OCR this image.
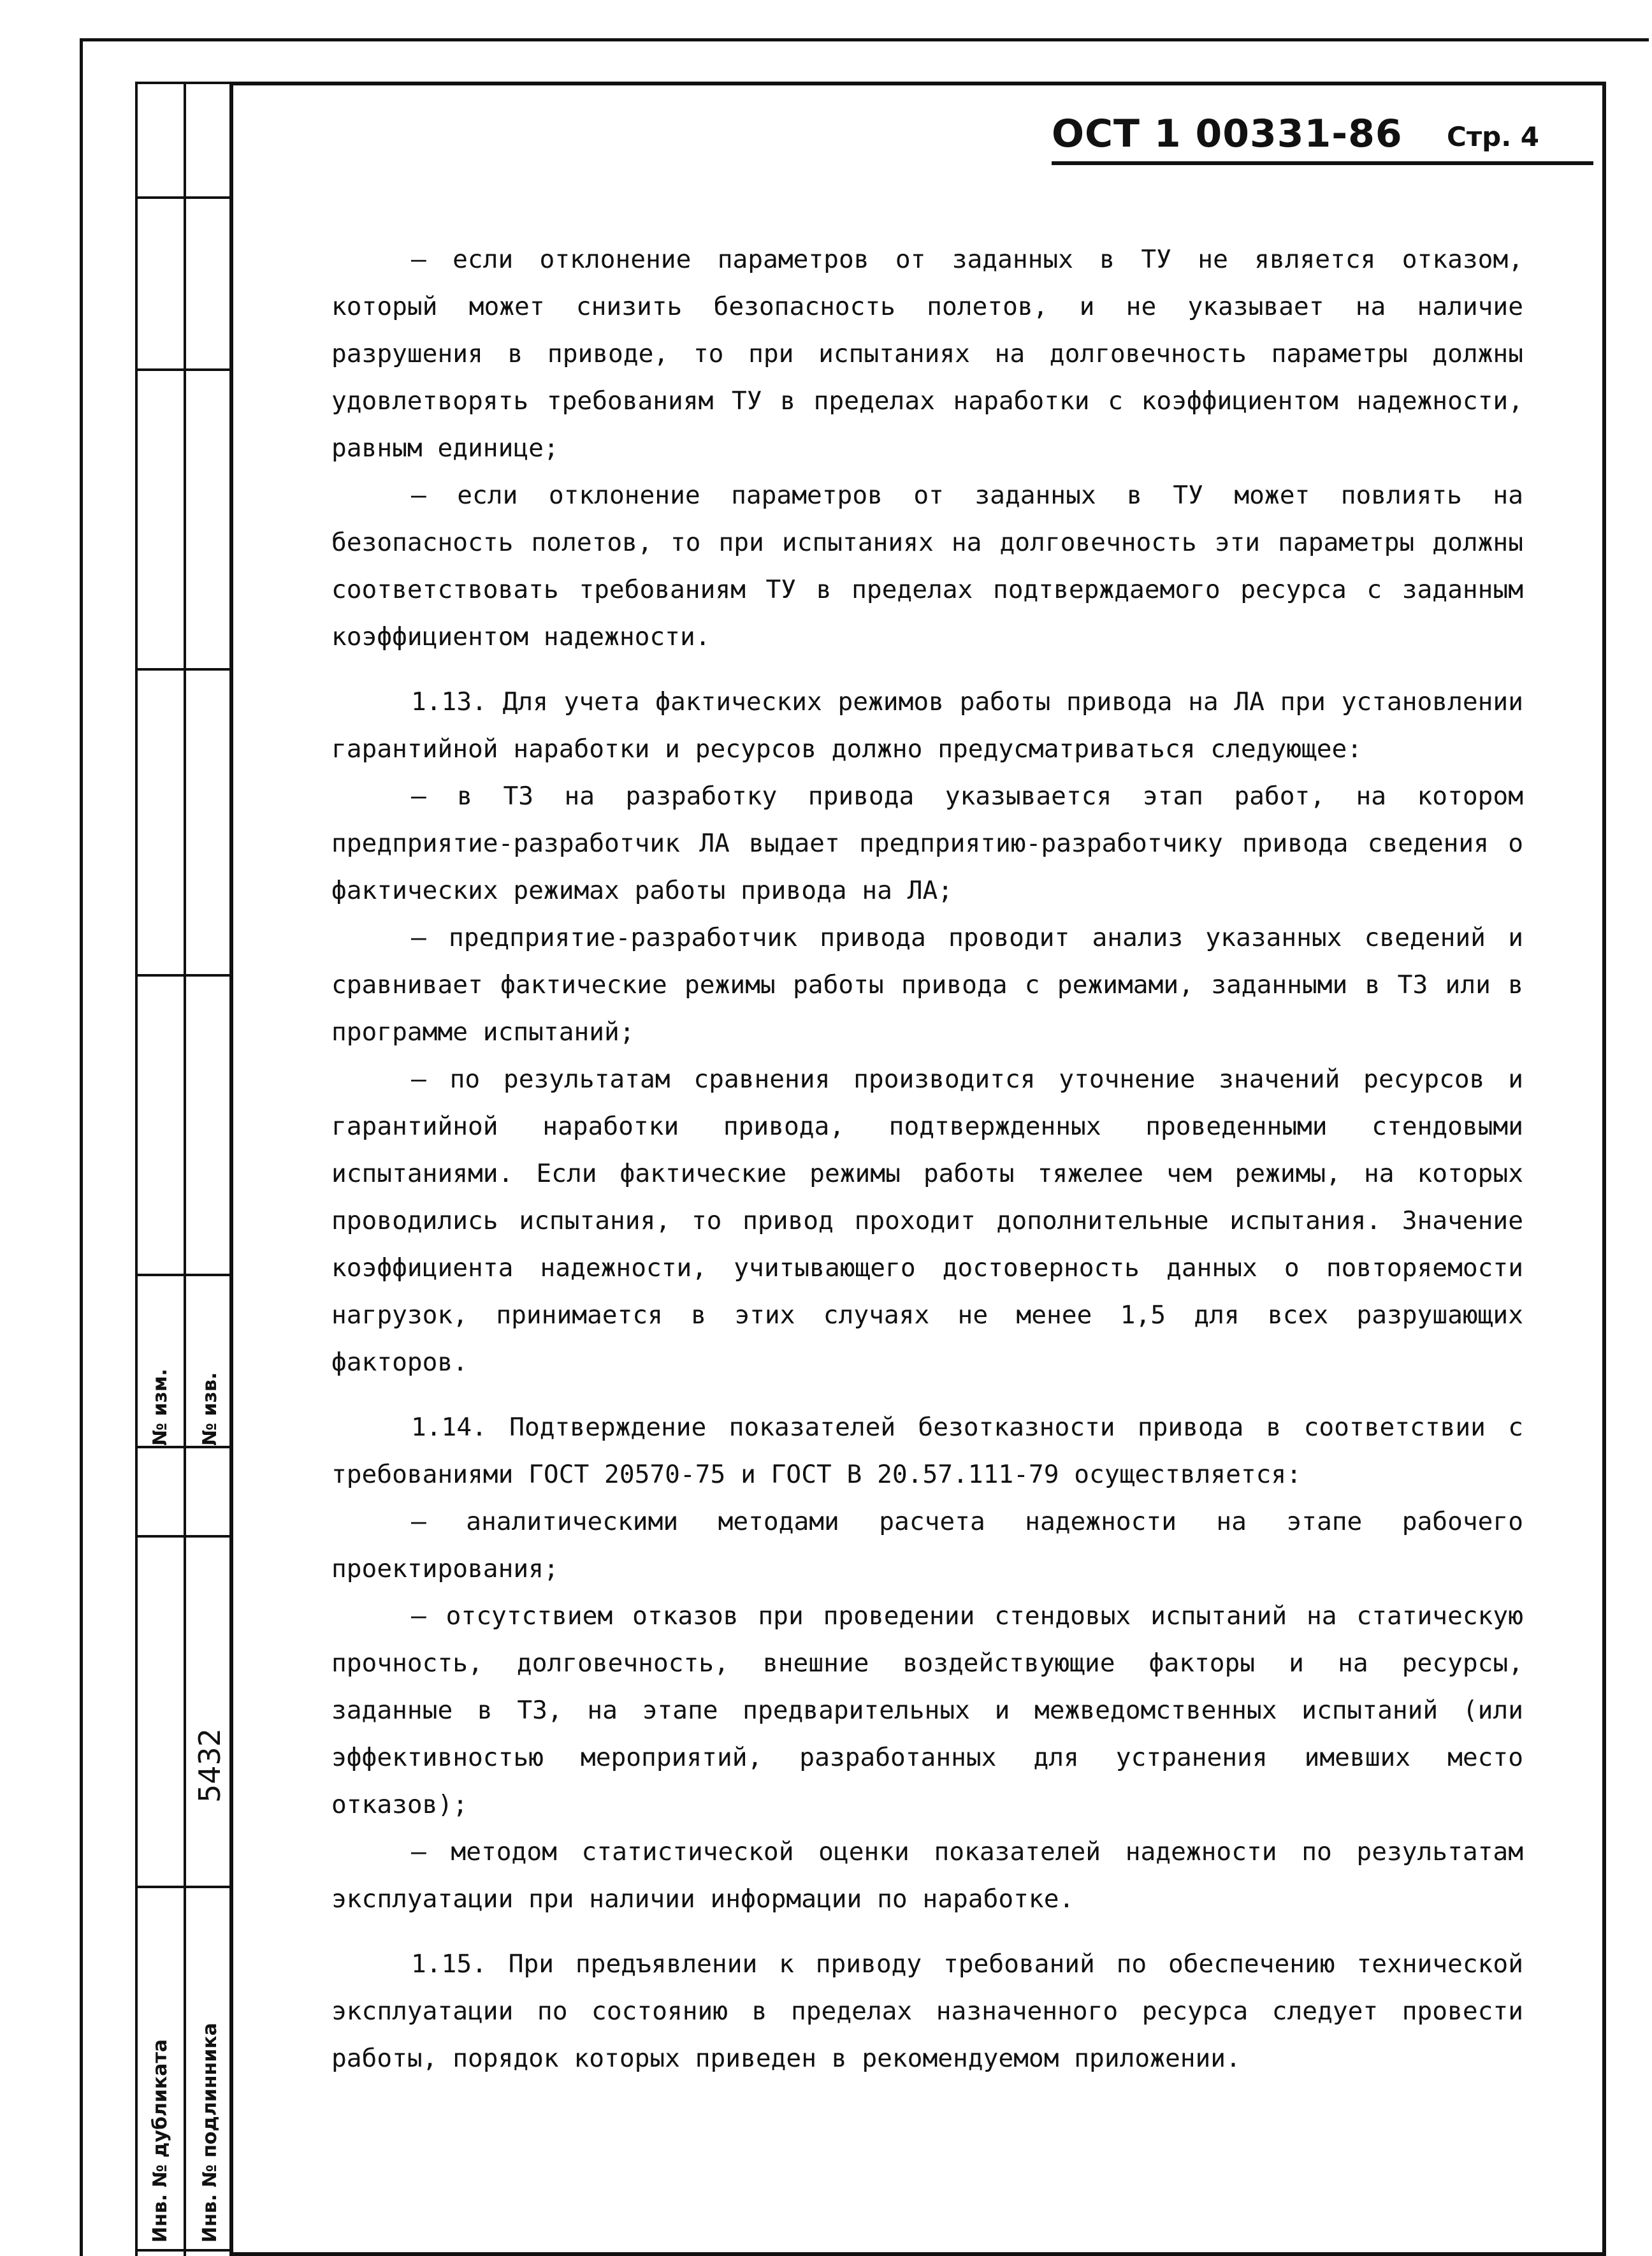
№ изм. № изв.
5432
Инв. № дубликата Инв. № подлинника
ОСТ 1 00331-86 Стр. 4

– если отклонение параметров от заданных в ТУ не является отказом, который может снизить безопасность полетов, и не указывает на наличие разрушения в приводе, то при испытаниях на долговечность параметры должны удовлетворять требованиям ТУ в пределах наработки с коэффициентом надежности, равным единице;

– если отклонение параметров от заданных в ТУ может повлиять на безопасность полетов, то при испытаниях на долговечность эти параметры должны соответствовать требованиям ТУ в пределах подтверждаемого ресурса с заданным коэффициентом надежности.

1.13. Для учета фактических режимов работы привода на ЛА при установлении гарантийной наработки и ресурсов должно предусматриваться следующее:

– в ТЗ на разработку привода указывается этап работ, на котором предприятие-разработчик ЛА выдает предприятию-разработчику привода сведения о фактических режимах работы привода на ЛА;

– предприятие-разработчик привода проводит анализ указанных сведений и сравнивает фактические режимы работы привода с режимами, заданными в ТЗ или в программе испытаний;

– по результатам сравнения производится уточнение значений ресурсов и гарантийной наработки привода, подтвержденных проведенными стендовыми испытаниями. Если фактические режимы работы тяжелее чем режимы, на которых проводились испытания, то привод проходит дополнительные испытания. Значение коэффициента надежности, учитывающего достоверность данных о повторяемости нагрузок, принимается в этих случаях не менее 1,5 для всех разрушающих факторов.

1.14. Подтверждение показателей безотказности привода в соответствии с требованиями ГОСТ 20570-75 и ГОСТ В 20.57.111-79 осуществляется:

– аналитическими методами расчета надежности на этапе рабочего проектирования;

– отсутствием отказов при проведении стендовых испытаний на статическую прочность, долговечность, внешние воздействующие факторы и на ресурсы, заданные в ТЗ, на этапе предварительных и межведомственных испытаний (или эффективностью мероприятий, разработанных для устранения имевших место отказов);

– методом статистической оценки показателей надежности по результатам эксплуатации при наличии информации по наработке.

1.15. При предъявлении к приводу требований по обеспечению технической эксплуатации по состоянию в пределах назначенного ресурса следует провести работы, порядок которых приведен в рекомендуемом приложении.
